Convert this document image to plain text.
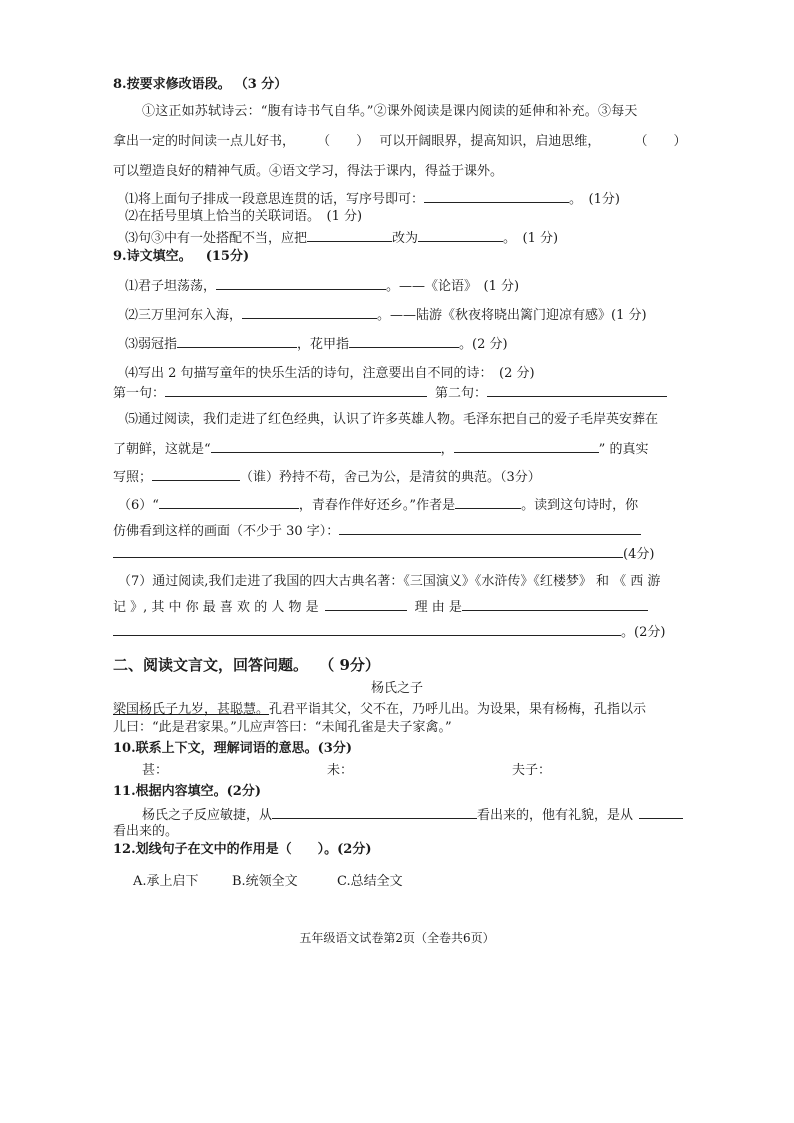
8.按要求修改语段。 （3 分）
①这正如苏轼诗云：“腹有诗书气自华。”②课外阅读是课内阅读的延伸和补充。③每天
拿出一定的时间读一点儿好书， （　　） 可以开阔眼界，提高知识，启迪思维，	（　　）
可以塑造良好的精神气质。④语文学习，得法于课内，得益于课外。
⑴将上面句子排成一段意思连贯的话，写序号即可：	。　(1分)
⑵在括号里填上恰当的关联词语。　(1 分)
⑶句③中有一处搭配不当，应把	改为	。　(1 分)
9.诗文填空。 (15分)
⑴君子坦荡荡，	。——《论语》　(1 分)
⑵三万里河东入海，	。——陆游《秋夜将晓出篱门迎凉有感》(1 分)
⑶弱冠指	，花甲指	。(2 分)
⑷写出 2 句描写童年的快乐生活的诗句，注意要出自不同的诗：　(2 分)
第一句：	第二句：
⑸通过阅读，我们走进了红色经典，认识了许多英雄人物。毛泽东把自己的爱子毛岸英安葬在
了朝鲜，这就是“	，	” 的真实
写照；	（谁）矜持不苟，舍己为公，是清贫的典范。（3分）
（6）“	，青春作伴好还乡。”作者是	。读到这句诗时，你
仿佛看到这样的画面（不少于 30 字）：
(4分)
（7）通过阅读,我们走进了我国的四大古典名著：《三国演义》《水浒传》《红楼梦》 和 《 西 游
记 》, 其 中 你 最 喜 欢 的 人 物 是	理 由 是
。(2分)
二、阅读文言文，回答问题。 （ 9分）
杨氏之子
梁国杨氏子九岁，甚聪慧。孔君平诣其父，父不在，乃呼儿出。为设果，果有杨梅，孔指以示
儿曰：“此是君家果。”儿应声答曰：“未闻孔雀是夫子家禽。”
10.联系上下文，理解词语的意思。(3分)
甚：	未：	夫子：
11.根据内容填空。(2分)
杨氏之子反应敏捷，从	看出来的，他有礼貌，是从
看出来的。
12.划线句子在文中的作用是（　　）。(2分)
A.承上启下	B.统领全文	C.总结全文
五年级语文试卷第2页（全卷共6页）
